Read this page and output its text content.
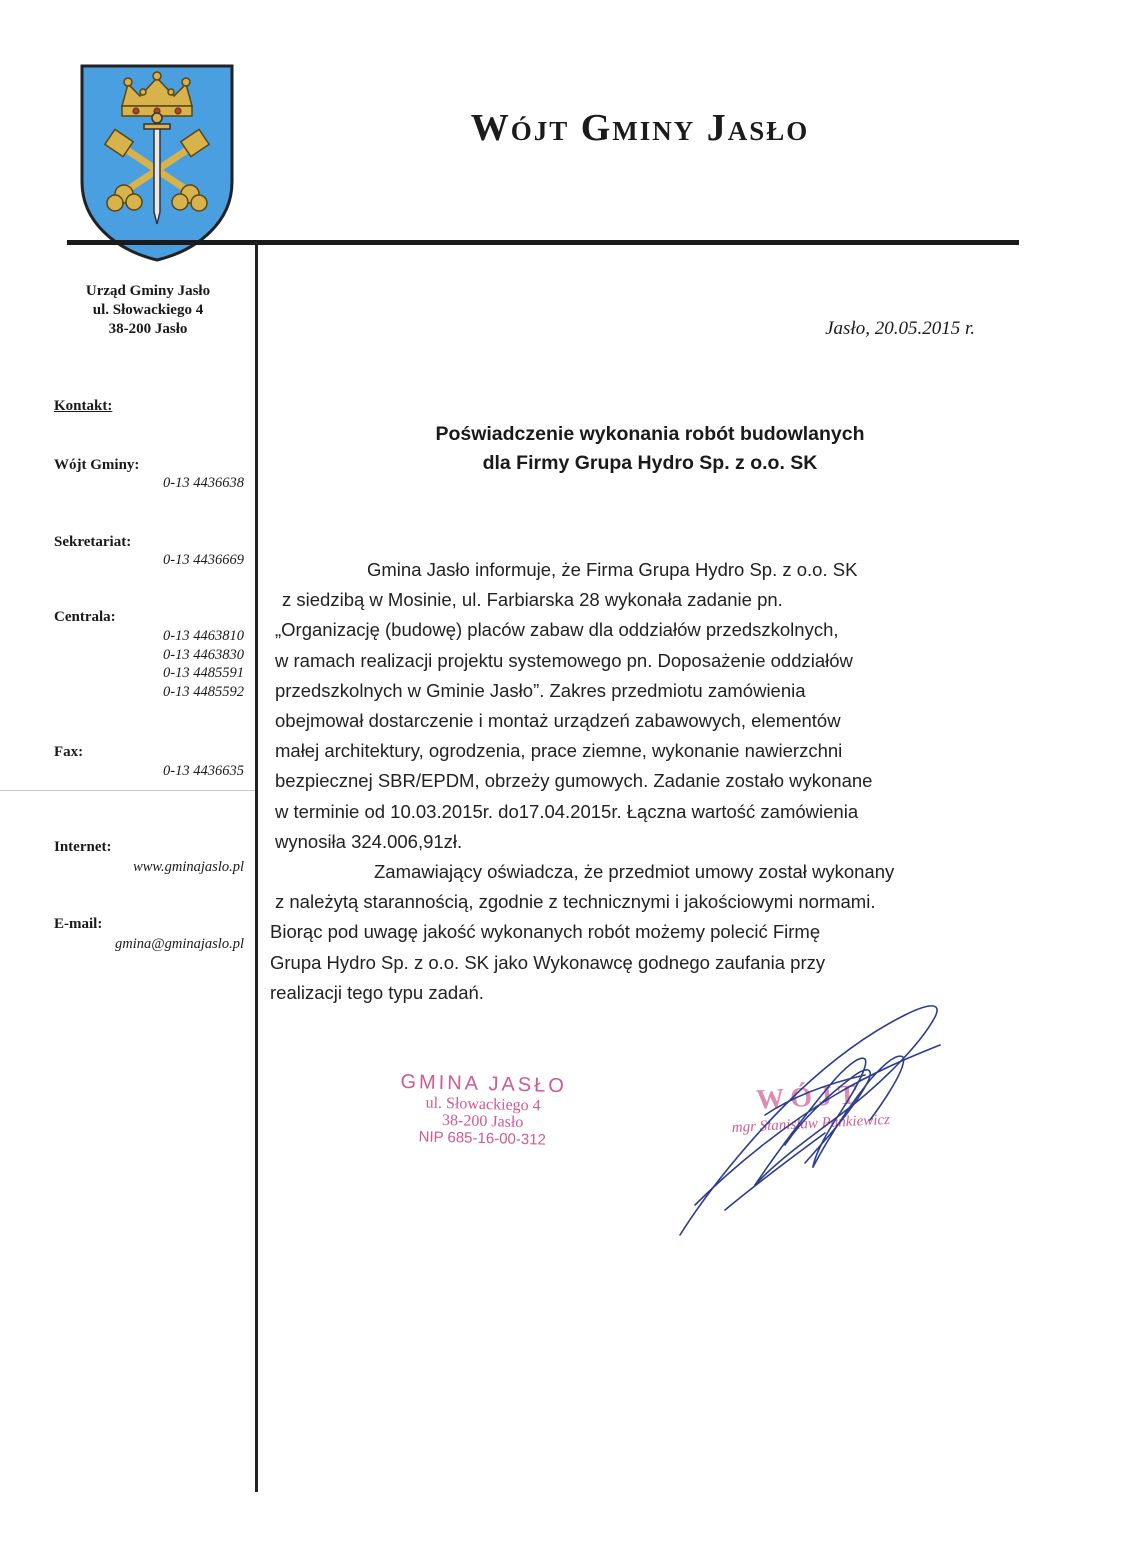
Wójt Gminy Jasło
Urząd Gminy Jasło
ul. Słowackiego 4
38-200 Jasło
Kontakt:
Wójt Gminy:
0-13 4436638
Sekretariat:
0-13 4436669
Centrala:
0-13 4463810
0-13 4463830
0-13 4485591
0-13 4485592
Fax:
0-13 4436635
Internet:
www.gminajaslo.pl
E-mail:
gmina@gminajaslo.pl
Jasło, 20.05.2015 r.
Poświadczenie wykonania robót budowlanych
dla Firmy Grupa Hydro Sp. z o.o. SK
Gmina Jasło informuje, że Firma Grupa Hydro Sp. z o.o. SK
z siedzibą w Mosinie, ul. Farbiarska 28 wykonała zadanie pn.
„Organizację (budowę) placów zabaw dla oddziałów przedszkolnych,
w ramach realizacji projektu systemowego pn. Doposażenie oddziałów
przedszkolnych w Gminie Jasło”. Zakres przedmiotu zamówienia
obejmował dostarczenie i montaż urządzeń zabawowych, elementów
małej architektury, ogrodzenia, prace ziemne, wykonanie nawierzchni
bezpiecznej SBR/EPDM, obrzeży gumowych. Zadanie zostało wykonane
w terminie od 10.03.2015r. do17.04.2015r. Łączna wartość zamówienia
wynosiła 324.006,91zł.
Zamawiający oświadcza, że przedmiot umowy został wykonany
z należytą starannością, zgodnie z technicznymi i jakościowymi normami.
Biorąc pod uwagę jakość wykonanych robót możemy polecić Firmę
Grupa Hydro Sp. z o.o. SK jako Wykonawcę godnego zaufania przy
realizacji tego typu zadań.
GMINA JASŁO
ul. Słowackiego 4
38-200 Jasło
NIP 685-16-00-312
WÓJT
mgr Stanisław Pankiewicz
